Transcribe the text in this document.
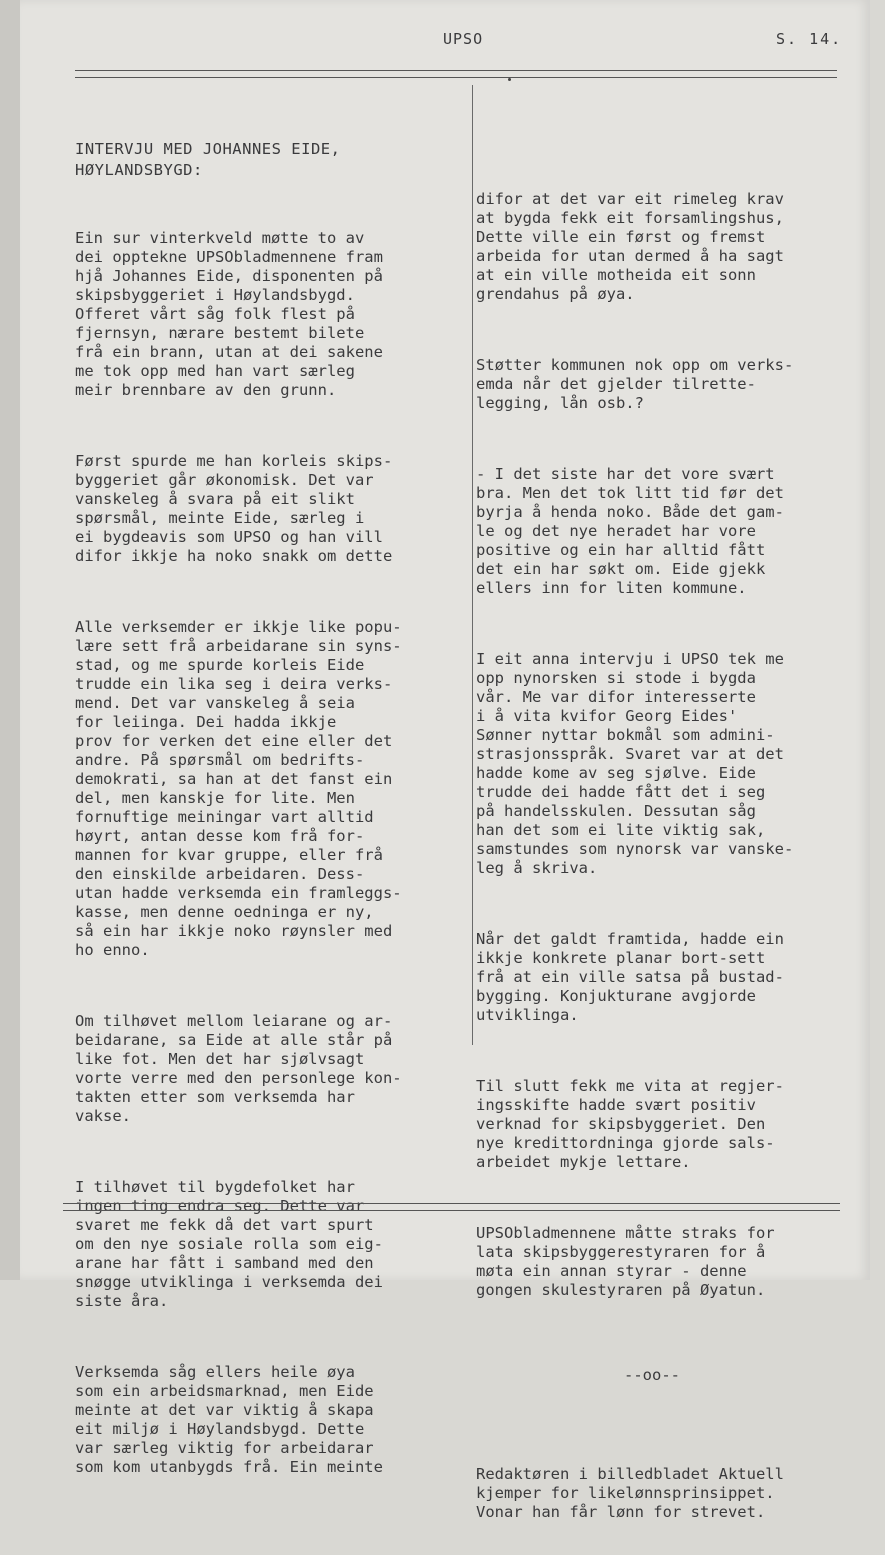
UPSO	S. 14.

INTERVJU MED JOHANNES EIDE,
HØYLANDSBYGD:

Ein sur vinterkveld møtte to av
dei opptekne UPSObladmennene fram
hjå Johannes Eide, disponenten på
skipsbyggeriet i Høylandsbygd.
Offeret vårt såg folk flest på
fjernsyn, nærare bestemt bilete
frå ein brann, utan at dei sakene
me tok opp med han vart særleg
meir brennbare av den grunn.

Først spurde me han korleis skips-
byggeriet går økonomisk. Det var
vanskeleg å svara på eit slikt
spørsmål, meinte Eide, særleg i
ei bygdeavis som UPSO og han vill
difor ikkje ha noko snakk om dette

Alle verksemder er ikkje like popu-
lære sett frå arbeidarane sin syns-
stad, og me spurde korleis Eide
trudde ein lika seg i deira verks-
mend. Det var vanskeleg å seia
for leiinga. Dei hadda ikkje
prov for verken det eine eller det
andre. På spørsmål om bedrifts-
demokrati, sa han at det fanst ein
del, men kanskje for lite. Men
fornuftige meiningar vart alltid
høyrt, antan desse kom frå for-
mannen for kvar gruppe, eller frå
den einskilde arbeidaren. Dess-
utan hadde verksemda ein framleggs-
kasse, men denne oedninga er ny,
så ein har ikkje noko røynsler med
ho enno.

Om tilhøvet mellom leiarane og ar-
beidarane, sa Eide at alle står på
like fot. Men det har sjølvsagt
vorte verre med den personlege kon-
takten etter som verksemda har
vakse.

I tilhøvet til bygdefolket har
ingen ting endra seg. Dette var
svaret me fekk då det vart spurt
om den nye sosiale rolla som eig-
arane har fått i samband med den
snøgge utviklinga i verksemda dei
siste åra.

Verksemda såg ellers heile øya
som ein arbeidsmarknad, men Eide
meinte at det var viktig å skapa
eit miljø i Høylandsbygd. Dette
var særleg viktig for arbeidarar
som kom utanbygds frå. Ein meinte

difor at det var eit rimeleg krav
at bygda fekk eit forsamlingshus,
Dette ville ein først og fremst
arbeida for utan dermed å ha sagt
at ein ville motheida eit sonn
grendahus på øya.

Støtter kommunen nok opp om verks-
emda når det gjelder tilrette-
legging, lån osb.?

- I det siste har det vore svært
bra. Men det tok litt tid før det
byrja å henda noko. Både det gam-
le og det nye heradet har vore
positive og ein har alltid fått
det ein har søkt om. Eide gjekk
ellers inn for liten kommune.

I eit anna intervju i UPSO tek me
opp nynorsken si stode i bygda
vår. Me var difor interesserte
i å vita kvifor Georg Eides'
Sønner nyttar bokmål som admini-
strasjonsspråk. Svaret var at det
hadde kome av seg sjølve. Eide
trudde dei hadde fått det i seg
på handelsskulen. Dessutan såg
han det som ei lite viktig sak,
samstundes som nynorsk var vanske-
leg å skriva.

Når det galdt framtida, hadde ein
ikkje konkrete planar bort-sett
frå at ein ville satsa på bustad-
bygging. Konjukturane avgjorde
utviklinga.

Til slutt fekk me vita at regjer-
ingsskifte hadde svært positiv
verknad for skipsbyggeriet. Den
nye kredittordninga gjorde sals-
arbeidet mykje lettare.

UPSObladmennene måtte straks for
lata skipsbyggerestyraren for å
møta ein annan styrar - denne
gongen skulestyraren på Øyatun.

--oo--

Redaktøren i billedbladet Aktuell
kjemper for likelønnsprinsippet.
Vonar han får lønn for strevet.
